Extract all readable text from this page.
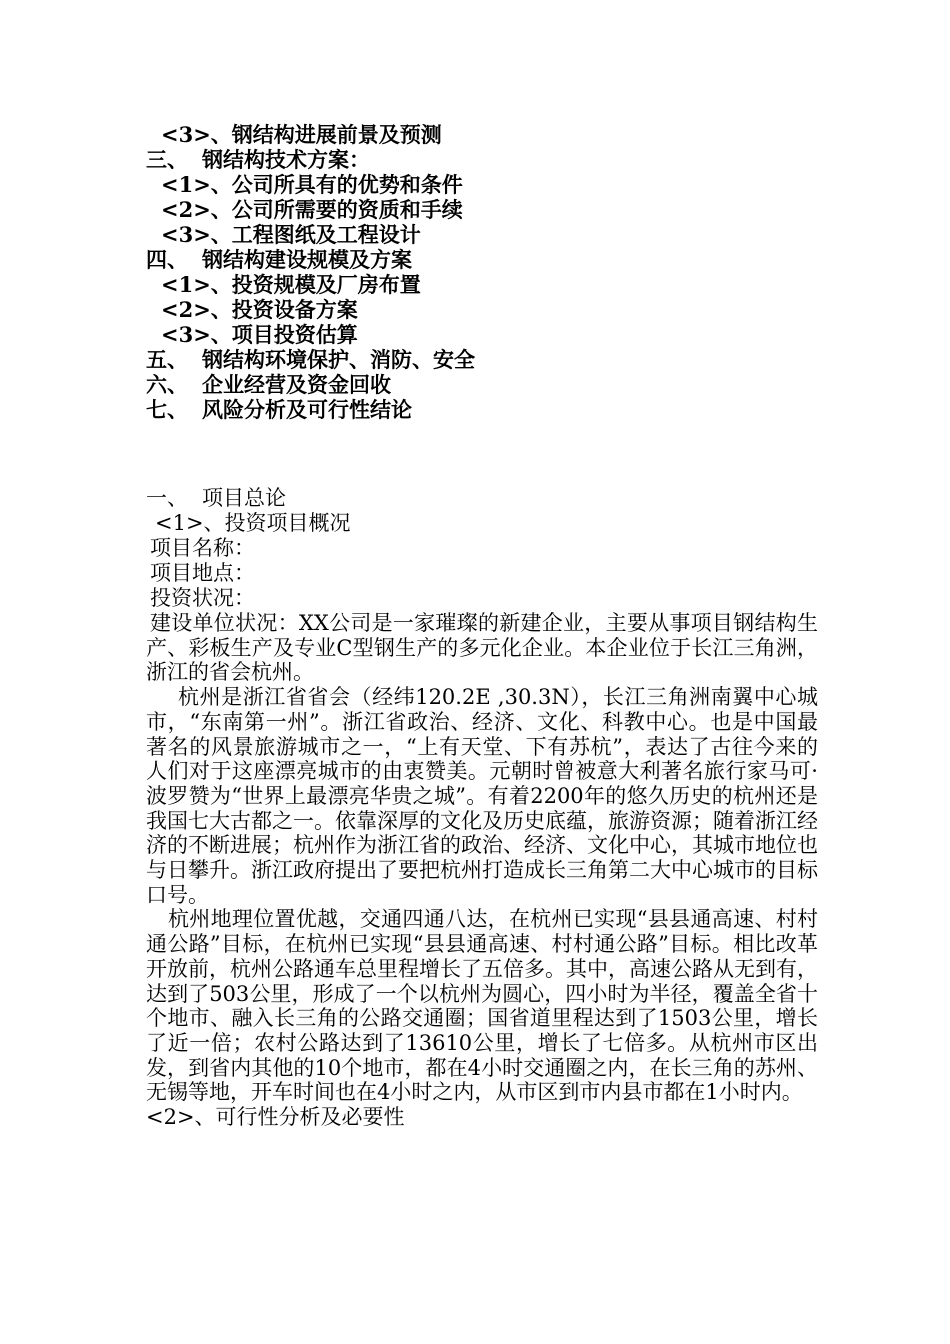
<3>、钢结构进展前景及预测
三、 钢结构技术方案：
<1>、公司所具有的优势和条件
<2>、公司所需要的资质和手续
<3>、工程图纸及工程设计
四、 钢结构建设规模及方案
<1>、投资规模及厂房布置
<2>、投资设备方案
<3>、项目投资估算
五、 钢结构环境保护、消防、安全
六、 企业经营及资金回收
七、 风险分析及可行性结论
一、 项目总论
<1>、投资项目概况
项目名称：
项目地点：
投资状况：

建设单位状况：XX公司是一家璀璨的新建企业，主要从事项目钢结构生产、彩板生产及专业C型钢生产的多元化企业。本企业位于长江三角洲，浙江的省会杭州。

杭州是浙江省省会（经纬120.2E ,30.3N），长江三角洲南翼中心城市，“东南第一州”。浙江省政治、经济、文化、科教中心。也是中国最著名的风景旅游城市之一，“上有天堂、下有苏杭”，表达了古往今来的人们对于这座漂亮城市的由衷赞美。元朝时曾被意大利著名旅行家马可·波罗赞为“世界上最漂亮华贵之城”。有着2200年的悠久历史的杭州还是我国七大古都之一。依靠深厚的文化及历史底蕴，旅游资源；随着浙江经济的不断进展；杭州作为浙江省的政治、经济、文化中心，其城市地位也与日攀升。浙江政府提出了要把杭州打造成长三角第二大中心城市的目标口号。

杭州地理位置优越，交通四通八达，在杭州已实现“县县通高速、村村通公路”目标，在杭州已实现“县县通高速、村村通公路”目标。相比改革开放前，杭州公路通车总里程增长了五倍多。其中，高速公路从无到有，达到了503公里，形成了一个以杭州为圆心，四小时为半径，覆盖全省十个地市、融入长三角的公路交通圈；国省道里程达到了1503公里，增长了近一倍；农村公路达到了13610公里，增长了七倍多。从杭州市区出发，到省内其他的10个地市，都在4小时交通圈之内，在长三角的苏州、无锡等地，开车时间也在4小时之内，从市区到市内县市都在1小时内。

<2>、可行性分析及必要性
